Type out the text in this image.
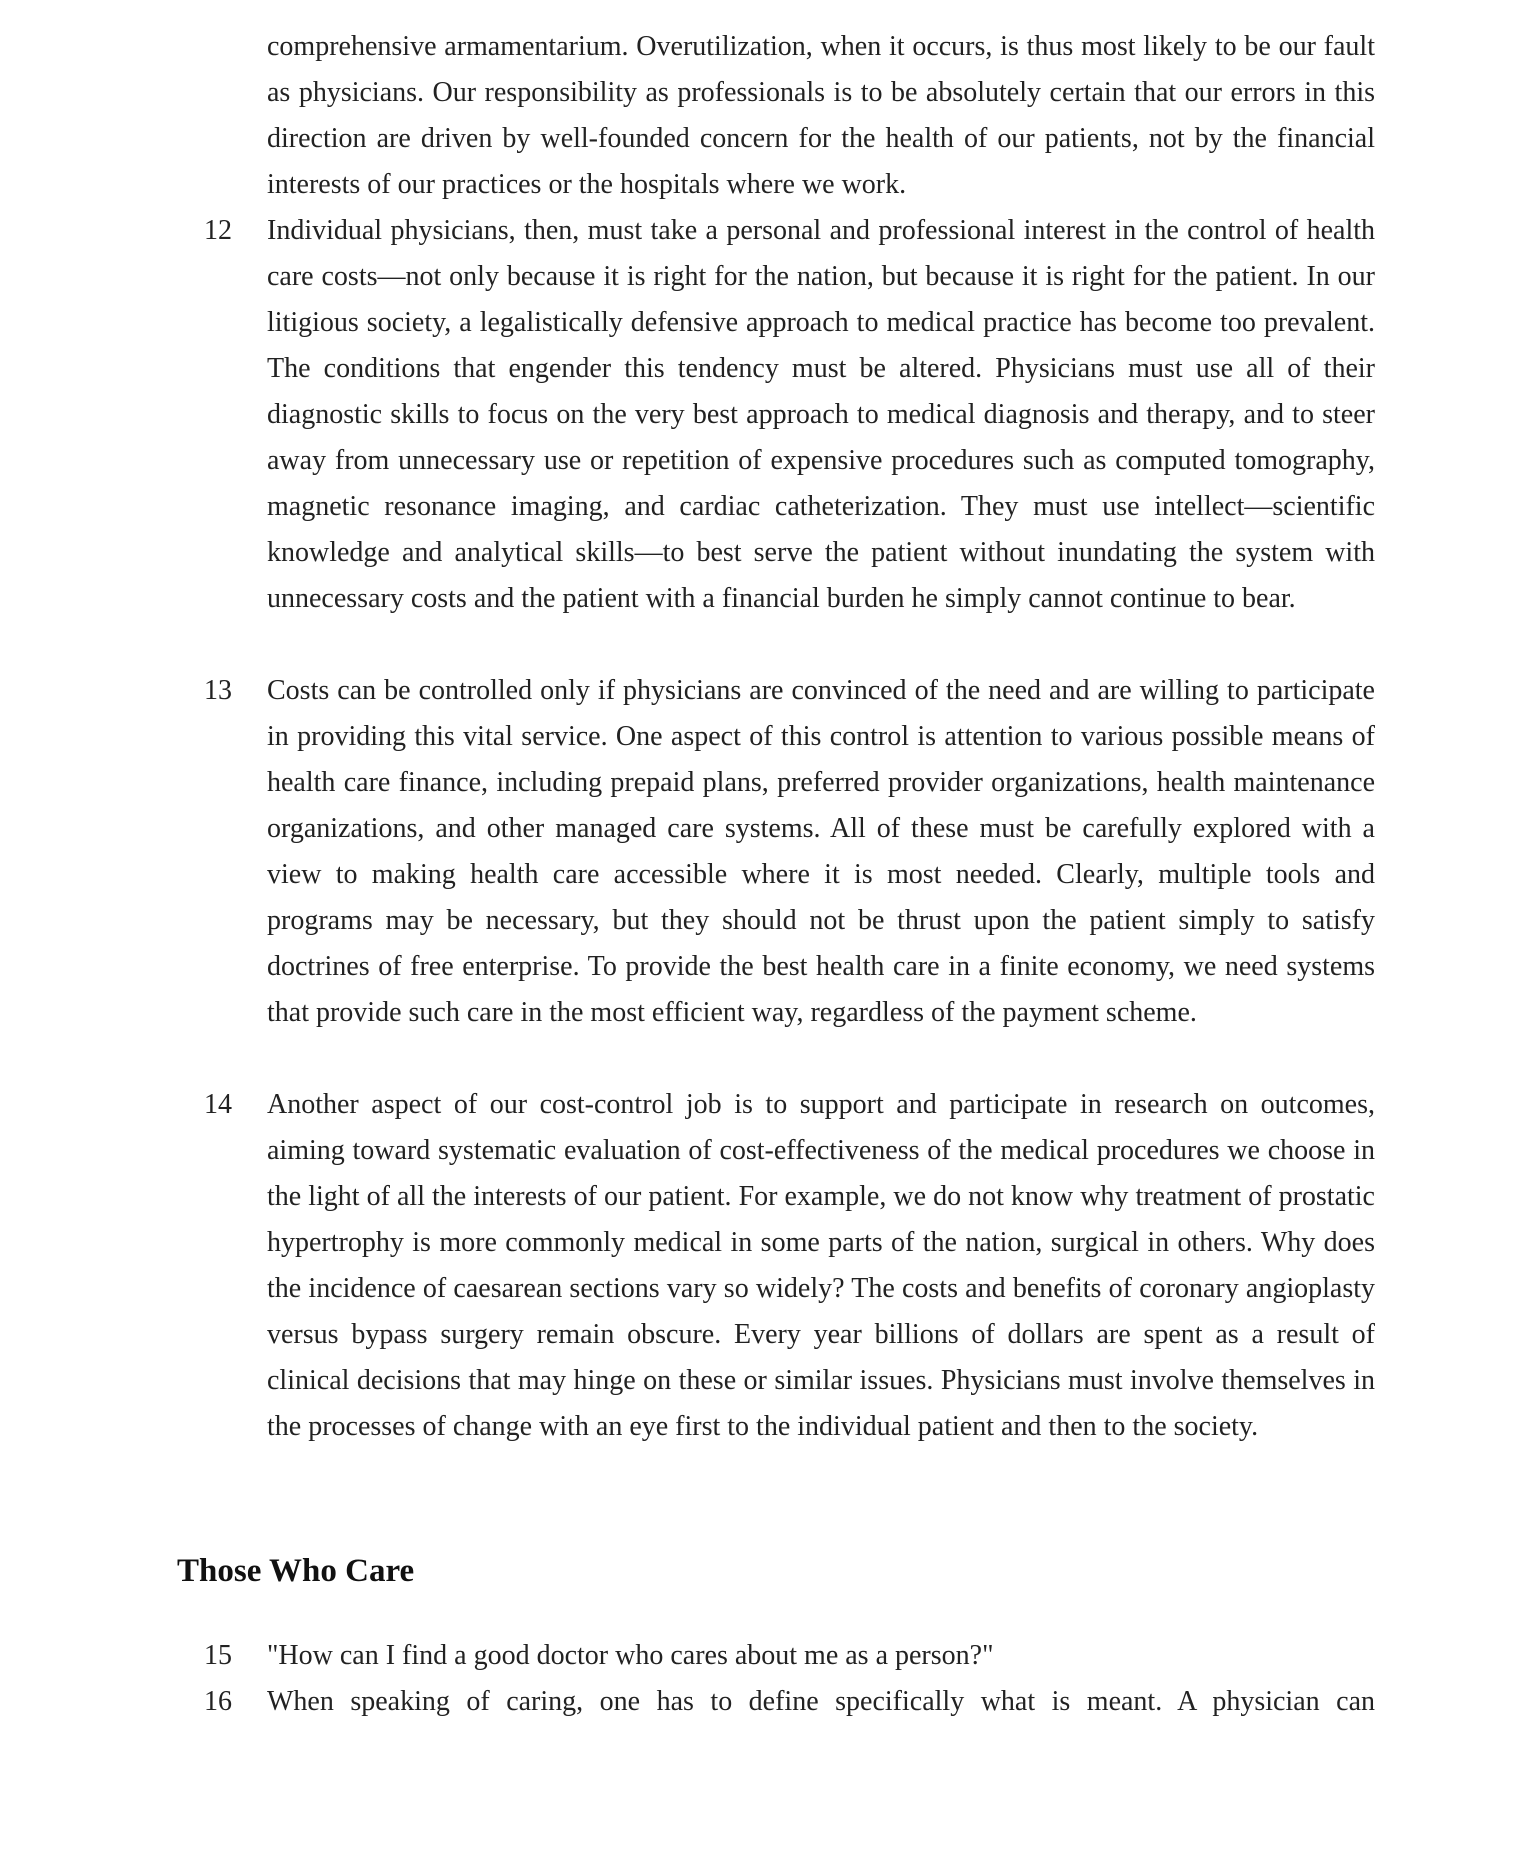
comprehensive armamentarium. Overutilization, when it occurs, is thus most likely to be our fault as physicians. Our responsibility as professionals is to be absolutely certain that our errors in this direction are driven by well-founded concern for the health of our patients, not by the financial interests of our practices or the hospitals where we work.

12	Individual physicians, then, must take a personal and professional interest in the control of health care costs—not only because it is right for the nation, but because it is right for the patient. In our litigious society, a legalistically defensive approach to medical practice has become too prevalent. The conditions that engender this tendency must be altered. Physicians must use all of their diagnostic skills to focus on the very best approach to medical diagnosis and therapy, and to steer away from unnecessary use or repetition of expensive procedures such as computed tomography, magnetic resonance imaging, and cardiac catheterization. They must use intellect—scientific knowledge and analytical skills—to best serve the patient without inundating the system with unnecessary costs and the patient with a financial burden he simply cannot continue to bear.

13	Costs can be controlled only if physicians are convinced of the need and are willing to participate in providing this vital service. One aspect of this control is attention to various possible means of health care finance, including prepaid plans, preferred provider organizations, health maintenance organizations, and other managed care systems. All of these must be carefully explored with a view to making health care accessible where it is most needed. Clearly, multiple tools and programs may be necessary, but they should not be thrust upon the patient simply to satisfy doctrines of free enterprise. To provide the best health care in a finite economy, we need systems that provide such care in the most efficient way, regardless of the payment scheme.

14	Another aspect of our cost-control job is to support and participate in research on outcomes, aiming toward systematic evaluation of cost-effectiveness of the medical procedures we choose in the light of all the interests of our patient. For example, we do not know why treatment of prostatic hypertrophy is more commonly medical in some parts of the nation, surgical in others. Why does the incidence of caesarean sections vary so widely? The costs and benefits of coronary angioplasty versus bypass surgery remain obscure. Every year billions of dollars are spent as a result of clinical decisions that may hinge on these or similar issues. Physicians must involve themselves in the processes of change with an eye first to the individual patient and then to the society.

Those Who Care
15	"How can I find a good doctor who cares about me as a person?"

16	When speaking of caring, one has to define specifically what is meant. A physician can
